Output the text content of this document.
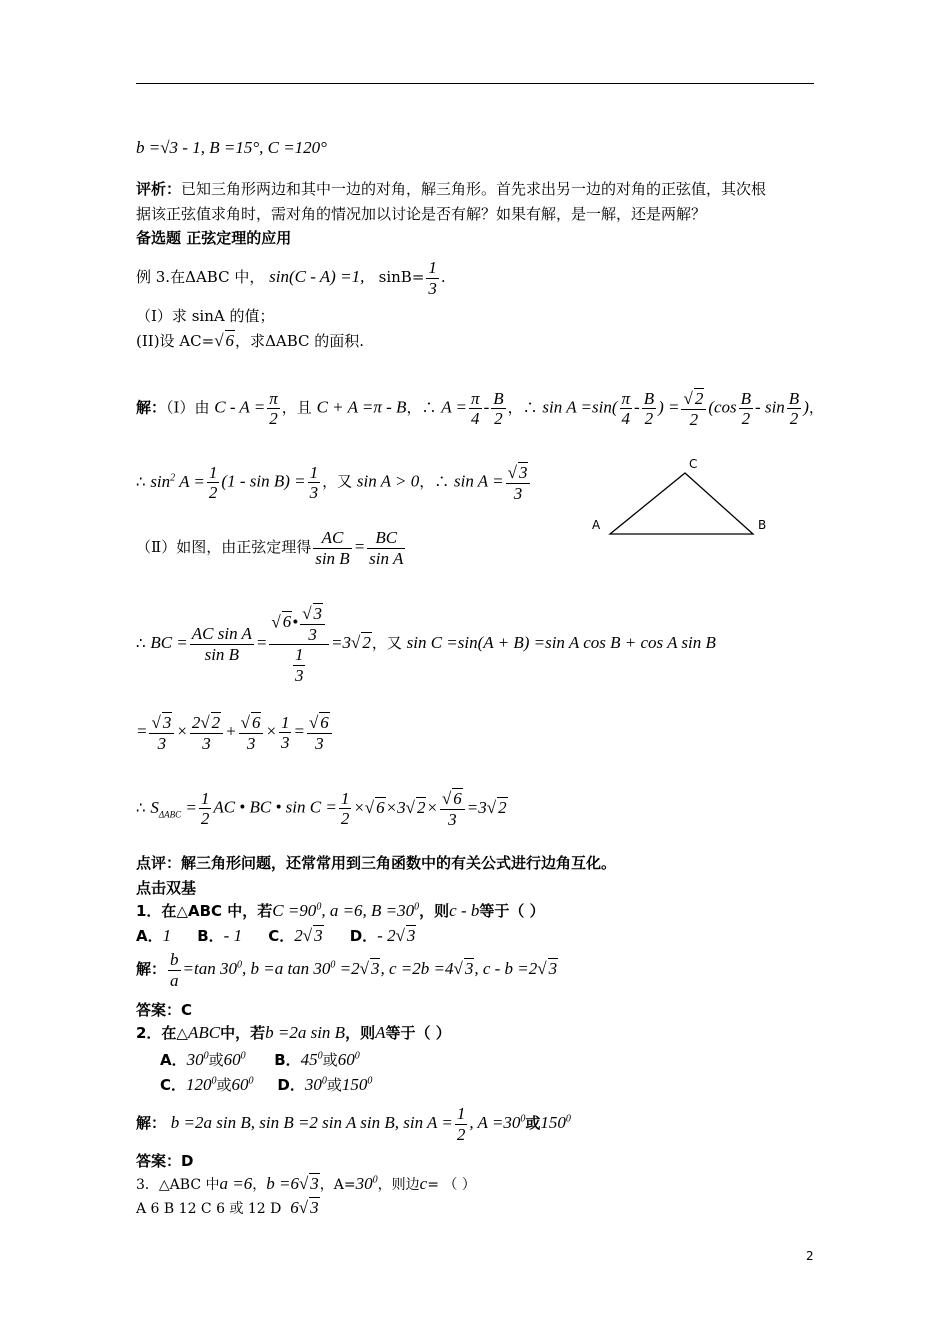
b =√3 - 1, B =15°, C =120°
评析：已知三角形两边和其中一边的对角，解三角形。首先求出另一边的对角的正弦值，其次根
据该正弦值求角时，需对角的情况加以讨论是否有解？如果有解，是一解，还是两解？
备选题 正弦定理的应用
例 3.在ΔABC 中， sin(C - A) =1, $\sin B= \frac{1}{3}$ .
（I）求 sinA 的值；
(II)设 AC=√ 6，求ΔABC 的面积.
解：（I）由 $C - A = \frac{\pi}{2}$ ，且 C + A =π - B，∴ $A = \frac{\pi}{4} - \frac{B}{2}$ ，∴ $\sin A =\sin( \frac{\pi}{4} - \frac{B}{2}$ ) = $\frac{√ 2}{2} (\cos \frac{B}{2}$ - $\sin \frac{B}{2}$ )，
∴ $\sin^2 A = \frac{1}{2} (1 - \sin B) = \frac{1}{3}$ ，又 sin A > 0，∴ $\sin A = \frac{√ 3}{3}$	C
A	B
（Ⅱ）如图，由正弦定理得 $\frac{AC}{\text{sin B}} = \frac{BC}{\text{sin A}}$
∴ BC = $\frac{\text{AC sin A}}{\text{sin B}} = \frac{√ 6• \frac{√ 3}{3}}{\frac{1}{3}} =3√$ 2，又 sin C =sin(A + B) =sin A cos B + cos A sin B
= $\frac{√ 3}{3} \times \frac{2√ 2}{3} + \frac{√ 6}{3} \times \frac{1}{3} = \frac{√ 6}{3}$
∴ $S_{\Delta ABC} = \frac{1}{2}$ AC • BC • $\sin C = \frac{1}{2}$ ×√ 6×3√ $2\times \frac{√ 6}{3} =3√$ 2
点评：解三角形问题，还常常用到三角函数中的有关公式进行边角互化。
点击双基
1．在△ABC 中，若$C =90^0$, a =6, $B =30^0$，则c - b等于（ ）
A．1 B．- 1 C．2√ 3 D．- 2√ 3
解： $\frac{b}{a} =\tan$ $30^0$, b =a $\tan 30^0 =2√$ 3, c =2b =4√ 3, c - b =2√ 3
答案：C
2．在△ABC中，若b =2a sin B，则A等于（ ）
A．$30^0$或$60^0$ B．$45^0$或$60^0$
C．$120^0$或$60^0$ D．$30^0$或$150^0$
解： b =2a sin B, sin B =2 sin A sin B, $\sin A = \frac{1}{2}$ , $A =30^0$或$150^0$
答案：D
3．△ABC 中a =6，b =6√ 3，$A=30^0$，则边c= （ ）
A 6 B 12 C 6 或 12 D 6√ 3
2
